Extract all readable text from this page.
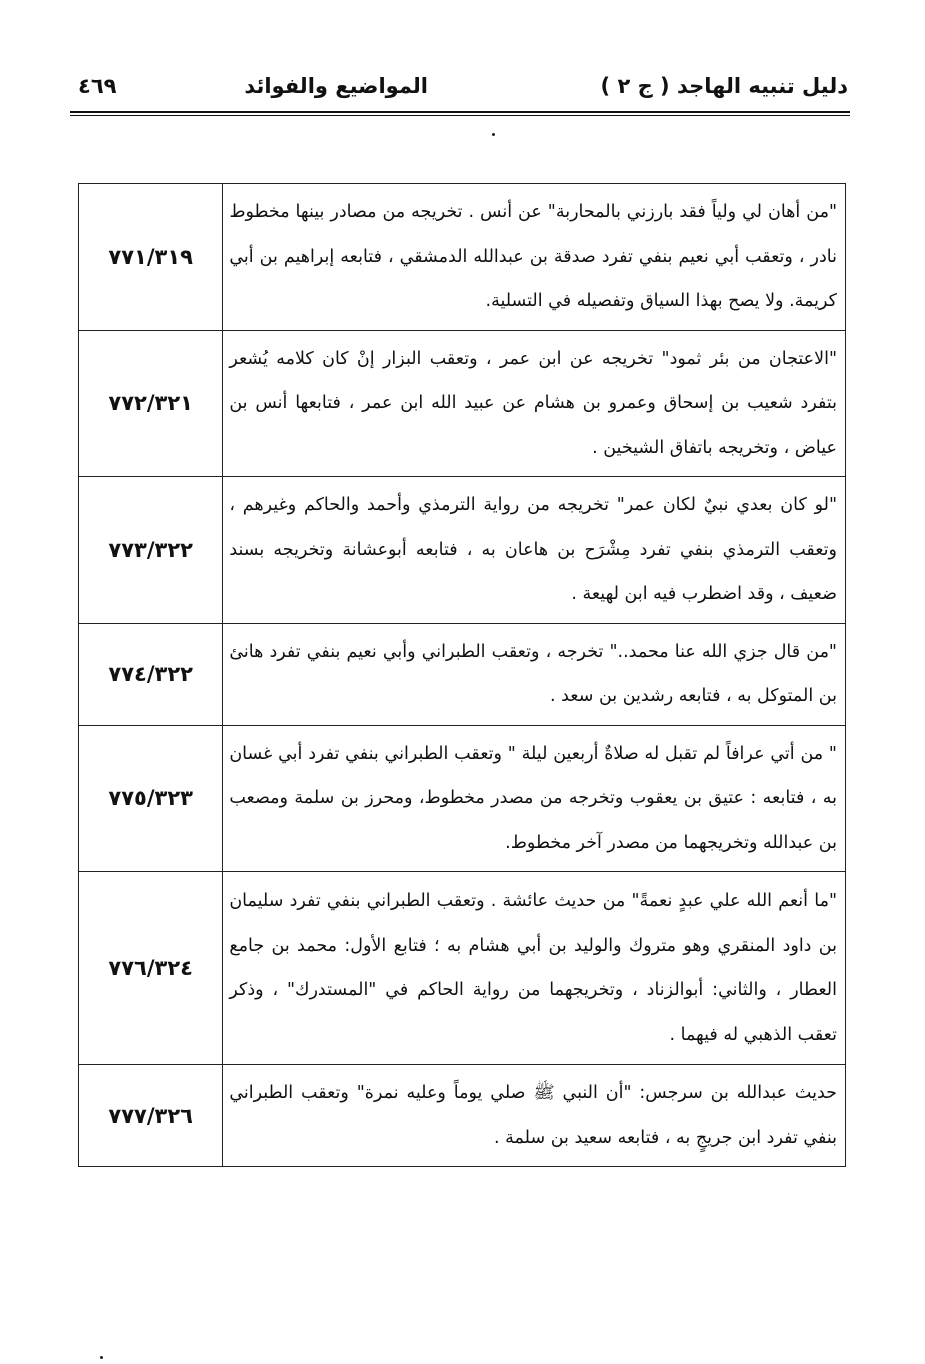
دليل تنبيه الهاجد ( ج ٢ )
المواضيع والفوائد
٤٦٩
"من أهان لي ولياً فقد بارزني بالمحاربة" عن أنس . تخريجه من مصادر بينها مخطوط نادر ، وتعقب أبي نعيم بنفي تفرد صدقة بن عبدالله الدمشقي ، فتابعه إبراهيم بن أبي كريمة. ولا يصح بهذا السياق وتفصيله في التسلية.	٧٧١/٣١٩
"الاعتجان من بئر ثمود" تخريجه عن ابن عمر ، وتعقب البزار إنْ كان كلامه يُشعر بتفرد شعيب بن إسحاق وعمرو بن هشام عن عبيد الله ابن عمر ، فتابعها أنس بن عياض ، وتخريجه باتفاق الشيخين .	٧٧٢/٣٢١
"لو كان بعدي نبيٌ لكان عمر" تخريجه من رواية الترمذي وأحمد والحاكم وغيرهم ، وتعقب الترمذي بنفي تفرد مِشْرَح بن هاعان به ، فتابعه أبوعشانة وتخريجه بسند ضعيف ، وقد اضطرب فيه ابن لهيعة .	٧٧٣/٣٢٢
"من قال جزي الله عنا محمد.." تخرجه ، وتعقب الطبراني وأبي نعيم بنفي تفرد هانئ بن المتوكل به ، فتابعه رشدين بن سعد .	٧٧٤/٣٢٢
" من أتي عرافاً لم تقبل له صلاةٌ أربعين ليلة " وتعقب الطبراني بنفي تفرد أبي غسان به ، فتابعه : عتيق بن يعقوب وتخرجه من مصدر مخطوط، ومحرز بن سلمة ومصعب بن عبدالله وتخريجهما من مصدر آخر مخطوط.	٧٧٥/٣٢٣
"ما أنعم الله علي عبدٍ نعمةً" من حديث عائشة . وتعقب الطبراني بنفي تفرد سليمان بن داود المنقري وهو متروك والوليد بن أبي هشام به ؛ فتابع الأول: محمد بن جامع العطار ، والثاني: أبوالزناد ، وتخريجهما من رواية الحاكم في "المستدرك" ، وذكر تعقب الذهبي له فيهما .	٧٧٦/٣٢٤
حديث عبدالله بن سرجس: "أن النبي ﷺ صلي يوماً وعليه نمرة" وتعقب الطبراني بنفي تفرد ابن جريجٍ به ، فتابعه سعيد بن سلمة .	٧٧٧/٣٢٦
